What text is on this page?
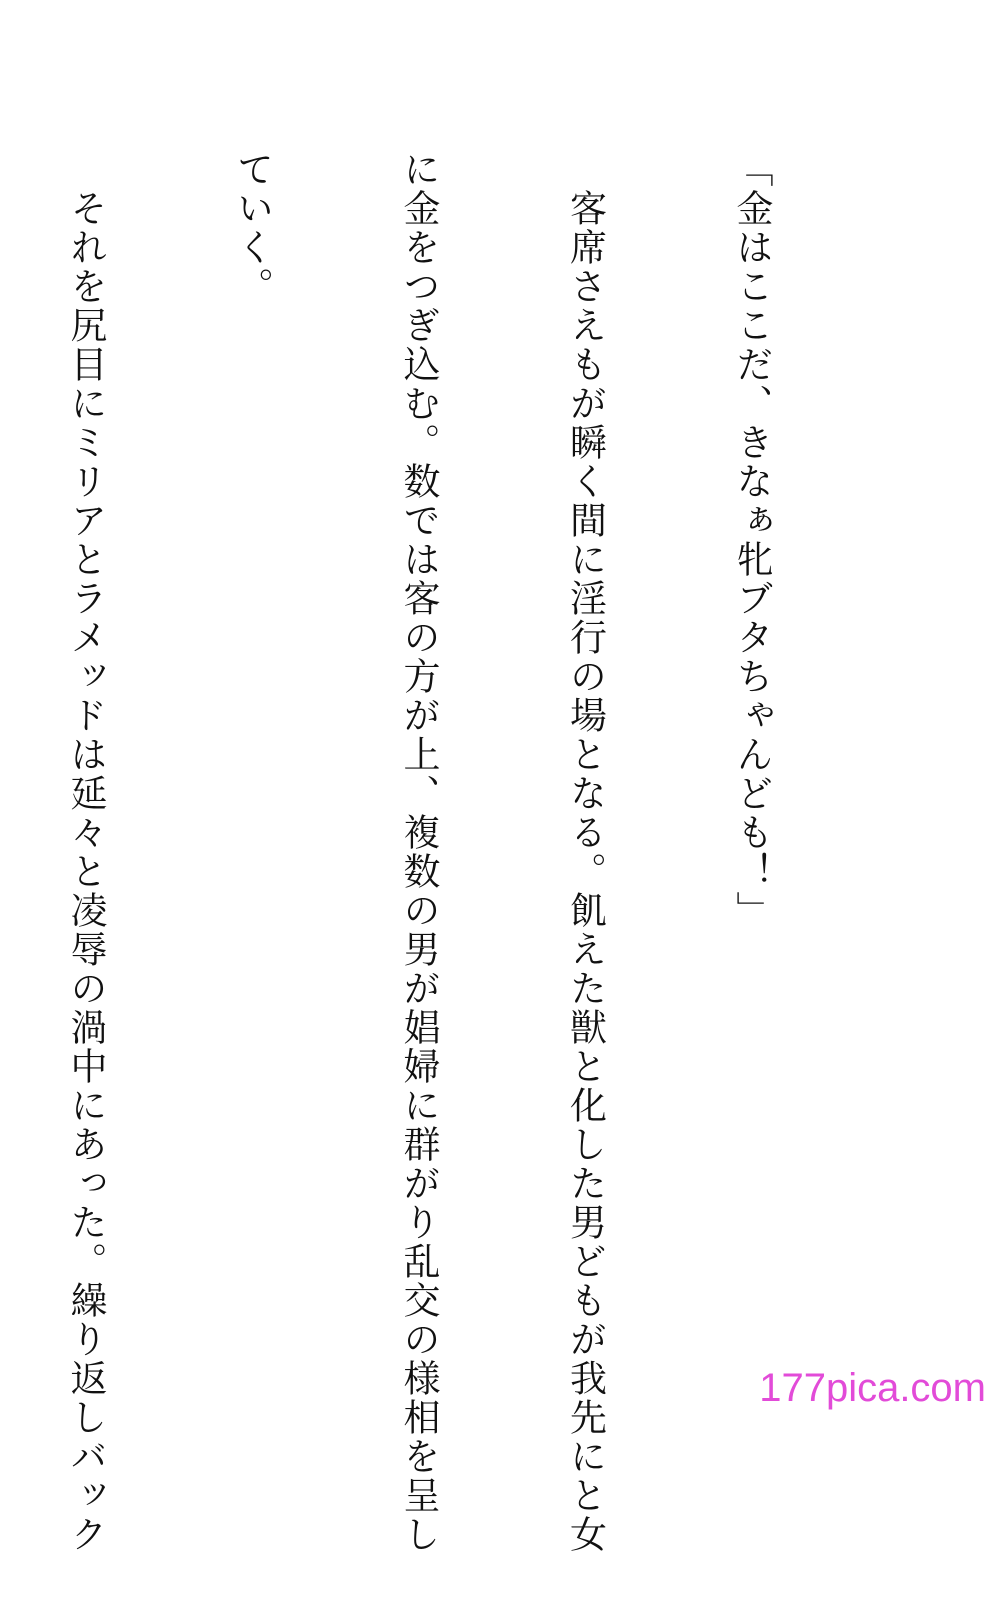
「金はここだ、きなぁ牝ブタちゃんども！」

　客席さえもが瞬く間に淫行の場となる。飢えた獣と化した男どもが我先にと女

に金をつぎ込む。数では客の方が上、複数の男が娼婦に群がり乱交の様相を呈し

ていく。

　それを尻目にミリアとラメッドは延々と凌辱の渦中にあった。繰り返しバック

	177pica.com
